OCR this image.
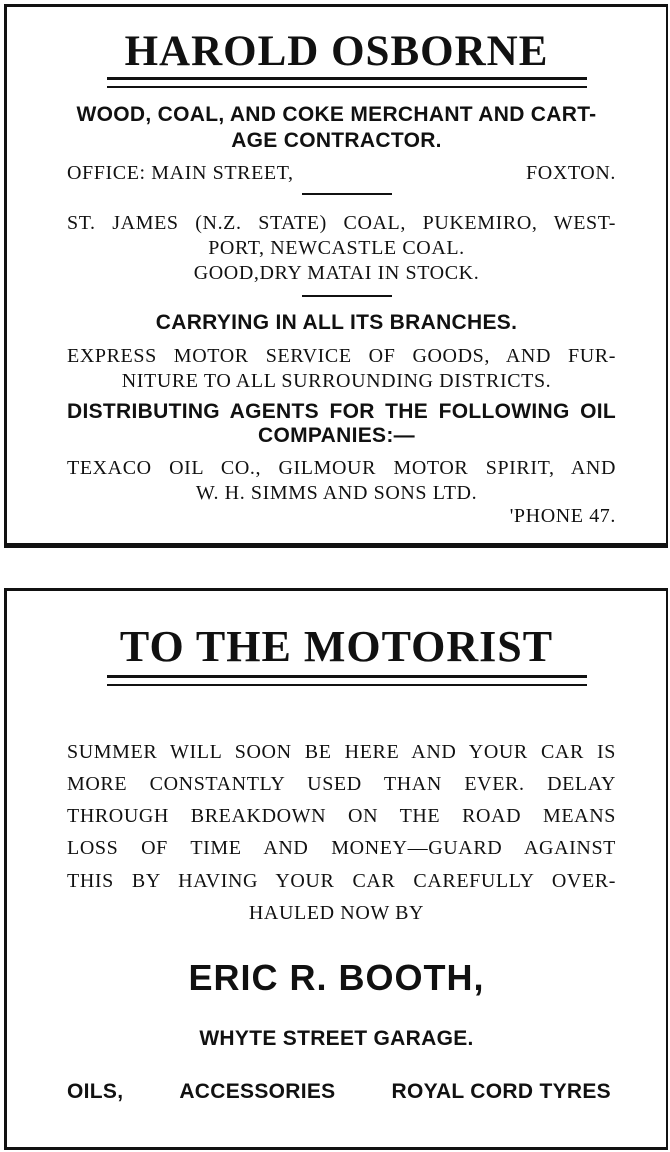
HAROLD OSBORNE
WOOD, COAL, AND COKE MERCHANT AND CART-
AGE CONTRACTOR.
OFFICE: MAIN STREET,	FOXTON.
ST. JAMES (N.Z. STATE) COAL, PUKEMIRO, WEST-
PORT, NEWCASTLE COAL.
GOOD,DRY MATAI IN STOCK.
CARRYING IN ALL ITS BRANCHES.
EXPRESS MOTOR SERVICE OF GOODS, AND FUR-
NITURE TO ALL SURROUNDING DISTRICTS.
DISTRIBUTING AGENTS FOR THE FOLLOWING OIL
COMPANIES:—
TEXACO OIL CO., GILMOUR MOTOR SPIRIT, AND
W. H. SIMMS AND SONS LTD.
'PHONE 47.
TO THE MOTORIST
SUMMER WILL SOON BE HERE AND YOUR CAR IS
MORE CONSTANTLY USED THAN EVER. DELAY
THROUGH BREAKDOWN ON THE ROAD MEANS
LOSS OF TIME AND MONEY—GUARD AGAINST
THIS BY HAVING YOUR CAR CAREFULLY OVER-
HAULED NOW BY
ERIC R. BOOTH,
WHYTE STREET GARAGE.
OILS,	ACCESSORIES	ROYAL CORD TYRES
